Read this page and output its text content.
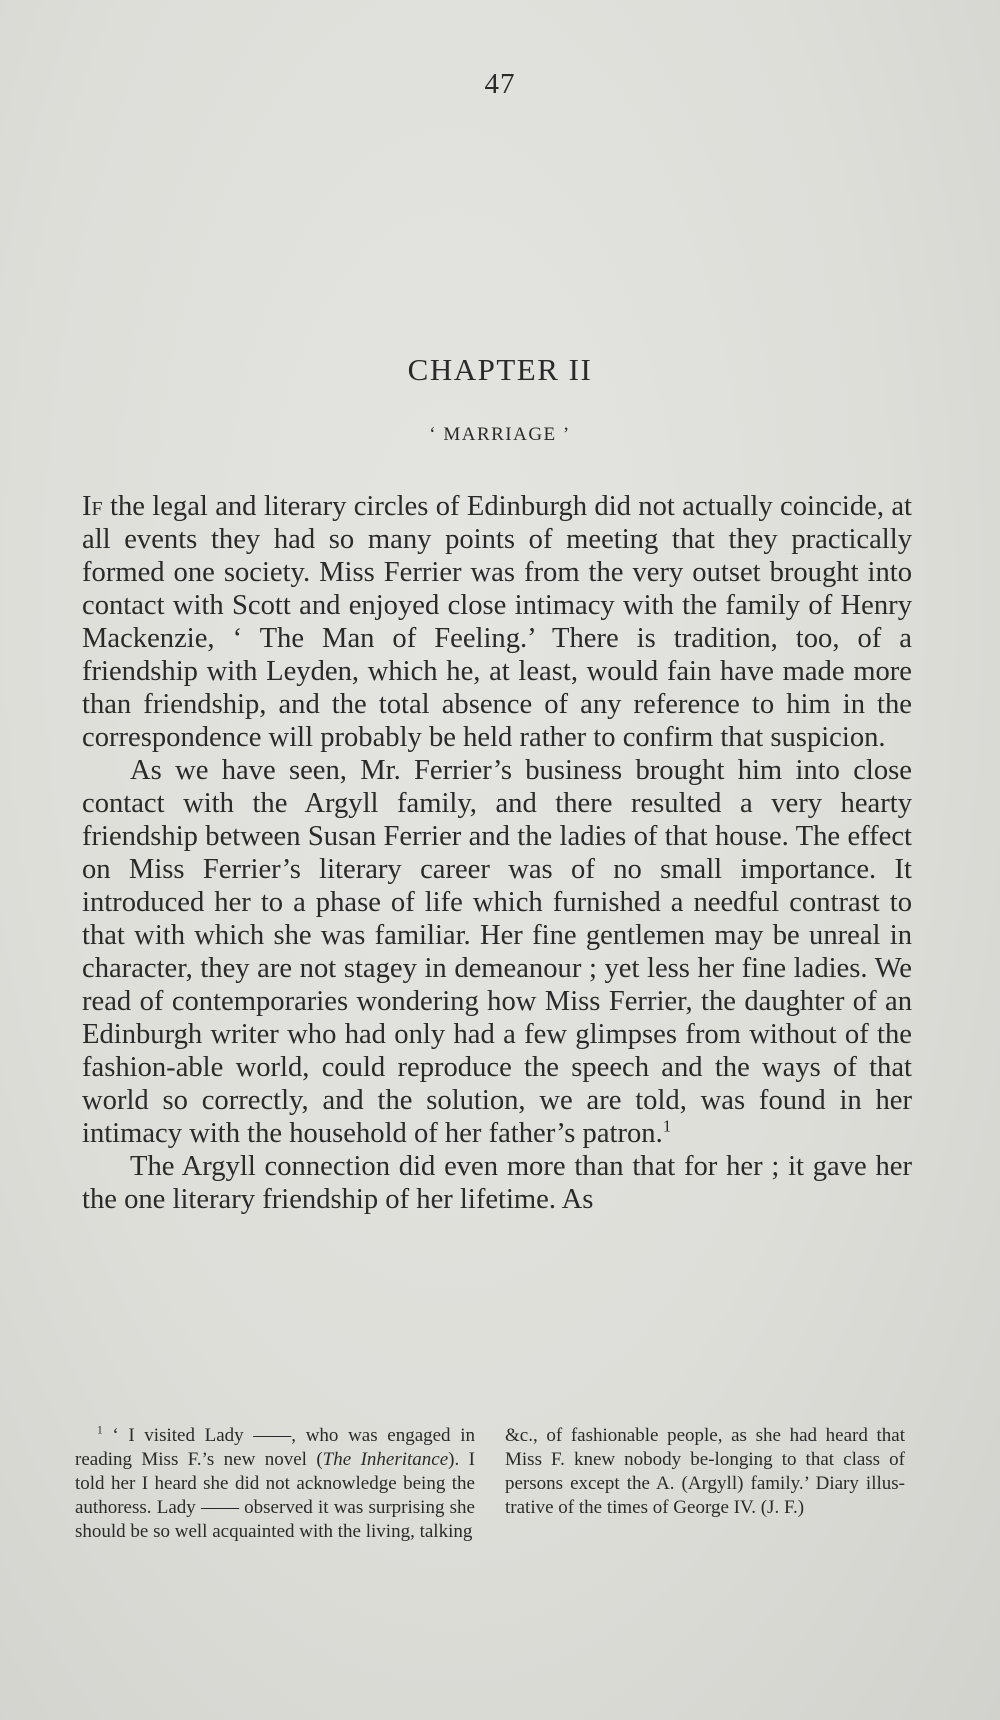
47
CHAPTER II
‘ MARRIAGE ’

If the legal and literary circles of Edinburgh did not actually coincide, at all events they had so many points of meeting that they practically formed one society. Miss Ferrier was from the very outset brought into contact with Scott and enjoyed close intimacy with the family of Henry Mackenzie, ‘ The Man of Feeling.’ There is tradition, too, of a friendship with Leyden, which he, at least, would fain have made more than friendship, and the total absence of any reference to him in the correspondence will probably be held rather to confirm that suspicion.

As we have seen, Mr. Ferrier’s business brought him into close contact with the Argyll family, and there resulted a very hearty friendship between Susan Ferrier and the ladies of that house. The effect on Miss Ferrier’s literary career was of no small importance. It introduced her to a phase of life which furnished a needful contrast to that with which she was familiar. Her fine gentlemen may be unreal in character, they are not stagey in demeanour ; yet less her fine ladies. We read of contemporaries wondering how Miss Ferrier, the daughter of an Edinburgh writer who had only had a few glimpses from without of the fashion-able world, could reproduce the speech and the ways of that world so correctly, and the solution, we are told, was found in her intimacy with the household of her father’s patron.$^1$

The Argyll connection did even more than that for her ; it gave her the one literary friendship of her lifetime. As

$^1$ ‘ I visited Lady ——, who was engaged in reading Miss F.’s new novel (The Inheritance). I told her I heard she did not acknowledge being the authoress. Lady —— observed it was surprising she should be so well acquainted with the living, talking

&c., of fashionable people, as she had heard that Miss F. knew nobody be-longing to that class of persons except the A. (Argyll) family.’ Diary illus-trative of the times of George IV. (J. F.)
